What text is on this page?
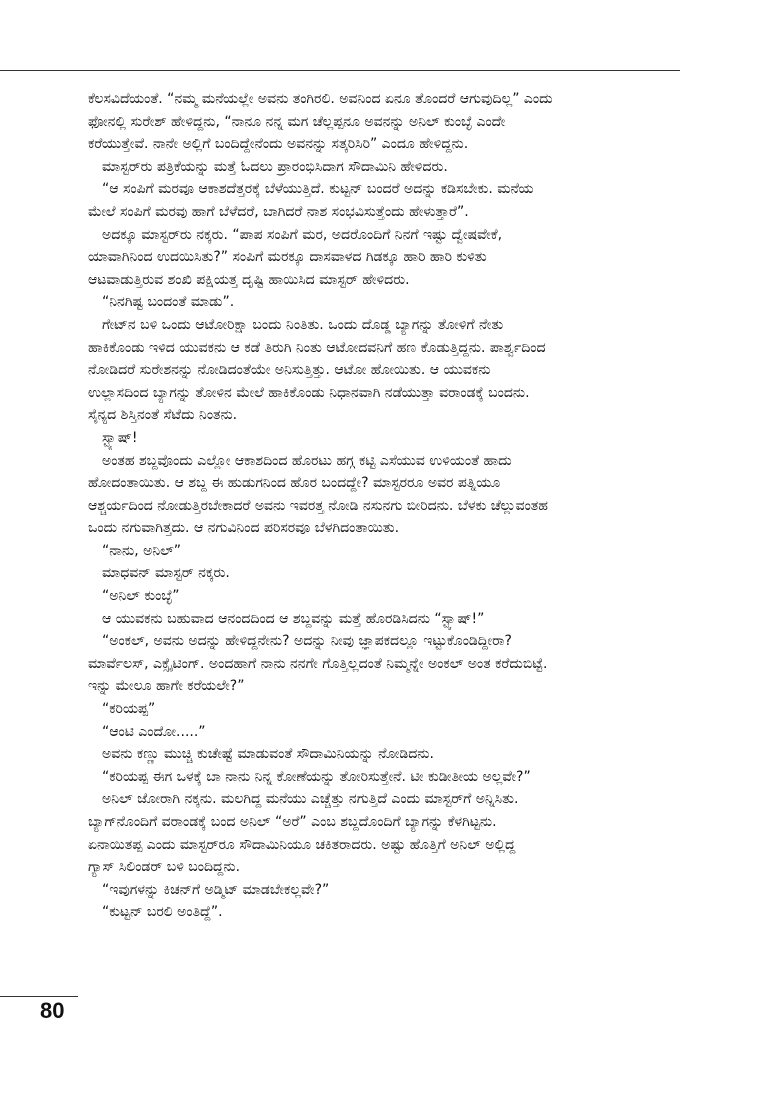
ಕೆಲಸವಿದೆಯಂತೆ. “ನಮ್ಮ ಮನೆಯಲ್ಲೇ ಅವನು ತಂಗಿರಲಿ. ಅವನಿಂದ ಏನೂ ತೊಂದರೆ ಆಗುವುದಿಲ್ಲ” ಎಂದು
ಫೋನಲ್ಲಿ ಸುರೇಶ್ ಹೇಳಿದ್ದನು, “ನಾನೂ ನನ್ನ ಮಗ ಚೆಲ್ಲಪ್ಪನೂ ಅವನನ್ನು ಅನಿಲ್ ಕುಂಬ್ಳೆ ಎಂದೇ
ಕರೆಯುತ್ತೇವೆ. ನಾನೇ ಅಲ್ಲಿಗೆ ಬಂದಿದ್ದೇನೆಂದು ಅವನನ್ನು ಸತ್ಕರಿಸಿರಿ” ಎಂದೂ ಹೇಳಿದ್ದನು.
ಮಾಸ್ಟರ್‌ರು ಪತ್ರಿಕೆಯನ್ನು ಮತ್ತೆ ಓದಲು ಪ್ರಾರಂಭಿಸಿದಾಗ ಸೌದಾಮಿನಿ ಹೇಳಿದರು.
“ಆ ಸಂಪಿಗೆ ಮರವೂ ಆಕಾಶದೆತ್ತರಕ್ಕೆ ಬೆಳೆಯುತ್ತಿದೆ. ಕುಟ್ಟನ್ ಬಂದರೆ ಅದನ್ನು ಕಡಿಸಬೇಕು. ಮನೆಯ
ಮೇಲೆ ಸಂಪಿಗೆ ಮರವು ಹಾಗೆ ಬೆಳೆದರೆ, ಬಾಗಿದರೆ ನಾಶ ಸಂಭವಿಸುತ್ತೆಂದು ಹೇಳುತ್ತಾರೆ”.
ಅದಕ್ಕೂ ಮಾಸ್ಟರ್‌ರು ನಕ್ಕರು. “ಪಾಪ ಸಂಪಿಗೆ ಮರ, ಅದರೊಂದಿಗೆ ನಿನಗೆ ಇಷ್ಟು ದ್ವೇಷವೇಕೆ,
ಯಾವಾಗಿನಿಂದ ಉದಯಿಸಿತು?” ಸಂಪಿಗೆ ಮರಕ್ಕೂ ದಾಸವಾಳದ ಗಿಡಕ್ಕೂ ಹಾರಿ ಹಾರಿ ಕುಳಿತು
ಆಟವಾಡುತ್ತಿರುವ ಶಂಖಿ ಪಕ್ಷಿಯತ್ತ ದೃಷ್ಟಿ ಹಾಯಿಸಿದ ಮಾಸ್ಟರ್ ಹೇಳಿದರು.
“ನಿನಗಿಷ್ಟ ಬಂದಂತೆ ಮಾಡು”.
ಗೇಟ್‌ನ ಬಳಿ ಒಂದು ಆಟೋರಿಕ್ಷಾ ಬಂದು ನಿಂತಿತು. ಒಂದು ದೊಡ್ಡ ಬ್ಯಾಗನ್ನು ತೋಳಿಗೆ ನೇತು
ಹಾಕಿಕೊಂಡು ಇಳಿದ ಯುವಕನು ಆ ಕಡೆ ತಿರುಗಿ ನಿಂತು ಆಟೋದವನಿಗೆ ಹಣ ಕೊಡುತ್ತಿದ್ದನು. ಪಾರ್ಶ್ವದಿಂದ
ನೋಡಿದರೆ ಸುರೇಶನನ್ನು ನೋಡಿದಂತೆಯೇ ಅನಿಸುತ್ತಿತ್ತು. ಆಟೋ ಹೋಯಿತು. ಆ ಯುವಕನು
ಉಲ್ಲಾಸದಿಂದ ಬ್ಯಾಗನ್ನು ತೋಳಿನ ಮೇಲೆ ಹಾಕಿಕೊಂಡು ನಿಧಾನವಾಗಿ ನಡೆಯುತ್ತಾ ವರಾಂಡಕ್ಕೆ ಬಂದನು.
ಸೈನ್ಯದ ಶಿಸ್ತಿನಂತೆ ಸೆಟೆದು ನಿಂತನು.
ಸ್ಟ್ಯಾಷ್!
ಅಂತಹ ಶಬ್ದವೊಂದು ಎಲ್ಲೋ ಆಕಾಶದಿಂದ ಹೊರಟು ಹಗ್ಗ ಕಟ್ಟಿ ಎಸೆಯುವ ಉಳಿಯಂತೆ ಹಾದು
ಹೋದಂತಾಯಿತು. ಆ ಶಬ್ದ ಈ ಹುಡುಗನಿಂದ ಹೊರ ಬಂದದ್ದೇ? ಮಾಸ್ಟರರೂ ಅವರ ಪತ್ನಿಯೂ
ಆಶ್ಚರ್ಯದಿಂದ ನೋಡುತ್ತಿರಬೇಕಾದರೆ ಅವನು ಇವರತ್ತ ನೋಡಿ ನಸುನಗು ಬೀರಿದನು. ಬೆಳಕು ಚೆಲ್ಲುವಂತಹ
ಒಂದು ನಗುವಾಗಿತ್ತದು. ಆ ನಗುವಿನಿಂದ ಪರಿಸರವೂ ಬೆಳಗಿದಂತಾಯಿತು.
“ನಾನು, ಅನಿಲ್”
ಮಾಧವನ್ ಮಾಸ್ಟರ್ ನಕ್ಕರು.
“ಅನಿಲ್ ಕುಂಬ್ಳೆ”
ಆ ಯುವಕನು ಬಹುವಾದ ಆನಂದದಿಂದ ಆ ಶಬ್ದವನ್ನು ಮತ್ತೆ ಹೊರಡಿಸಿದನು “ಸ್ಟ್ಯಾಷ್!”
“ಅಂಕಲ್, ಅವನು ಅದನ್ನು ಹೇಳಿದ್ದನೇನು? ಅದನ್ನು ನೀವು ಜ್ಞಾಪಕದಲ್ಲೂ ಇಟ್ಟುಕೊಂಡಿದ್ದೀರಾ?
ಮಾರ್ವೆಲಸ್, ಎಕ್ಸೈಟಿಂಗ್. ಅಂದಹಾಗೆ ನಾನು ನನಗೇ ಗೊತ್ತಿಲ್ಲದಂತೆ ನಿಮ್ಮನ್ನೇ ಅಂಕಲ್ ಅಂತ ಕರೆದುಬಿಟ್ಟೆ.
ಇನ್ನು ಮೇಲೂ ಹಾಗೇ ಕರೆಯಲೇ?”
“ಕರಿಯಪ್ಪ”
“ಆಂಟಿ ಎಂದೋ.....”
ಅವನು ಕಣ್ಣು ಮುಚ್ಚಿ ಕುಚೇಷ್ಟೆ ಮಾಡುವಂತೆ ಸೌದಾಮಿನಿಯನ್ನು ನೋಡಿದನು.
“ಕರಿಯಪ್ಪ ಈಗ ಒಳಕ್ಕೆ ಬಾ ನಾನು ನಿನ್ನ ಕೋಣೆಯನ್ನು ತೋರಿಸುತ್ತೇನೆ. ಟೀ ಕುಡೀತೀಯ ಅಲ್ಲವೇ?”
ಅನಿಲ್ ಜೋರಾಗಿ ನಕ್ಕನು. ಮಲಗಿದ್ದ ಮನೆಯು ಎಚ್ಚೆತ್ತು ನಗುತ್ತಿದೆ ಎಂದು ಮಾಸ್ಟರ್‌ಗೆ ಅನ್ನಿಸಿತು.
ಬ್ಯಾಗ್‌ನೊಂದಿಗೆ ವರಾಂಡಕ್ಕೆ ಬಂದ ಅನಿಲ್ “ಅರೆ” ಎಂಬ ಶಬ್ದದೊಂದಿಗೆ ಬ್ಯಾಗನ್ನು ಕೆಳಗಿಟ್ಟನು.
ಏನಾಯಿತಪ್ಪ ಎಂದು ಮಾಸ್ಟರ್‌ರೂ ಸೌದಾಮಿನಿಯೂ ಚಕಿತರಾದರು. ಅಷ್ಟು ಹೊತ್ತಿಗೆ ಅನಿಲ್ ಅಲ್ಲಿದ್ದ
ಗ್ಯಾಸ್ ಸಿಲಿಂಡರ್ ಬಳಿ ಬಂದಿದ್ದನು.
“ಇವುಗಳನ್ನು ಕಿಚನ್‌ಗೆ ಅಡ್ಮಿಟ್ ಮಾಡಬೇಕಲ್ಲವೇ?”
“ಕುಟ್ಟನ್ ಬರಲಿ ಅಂತಿದ್ದೆ”.
80
